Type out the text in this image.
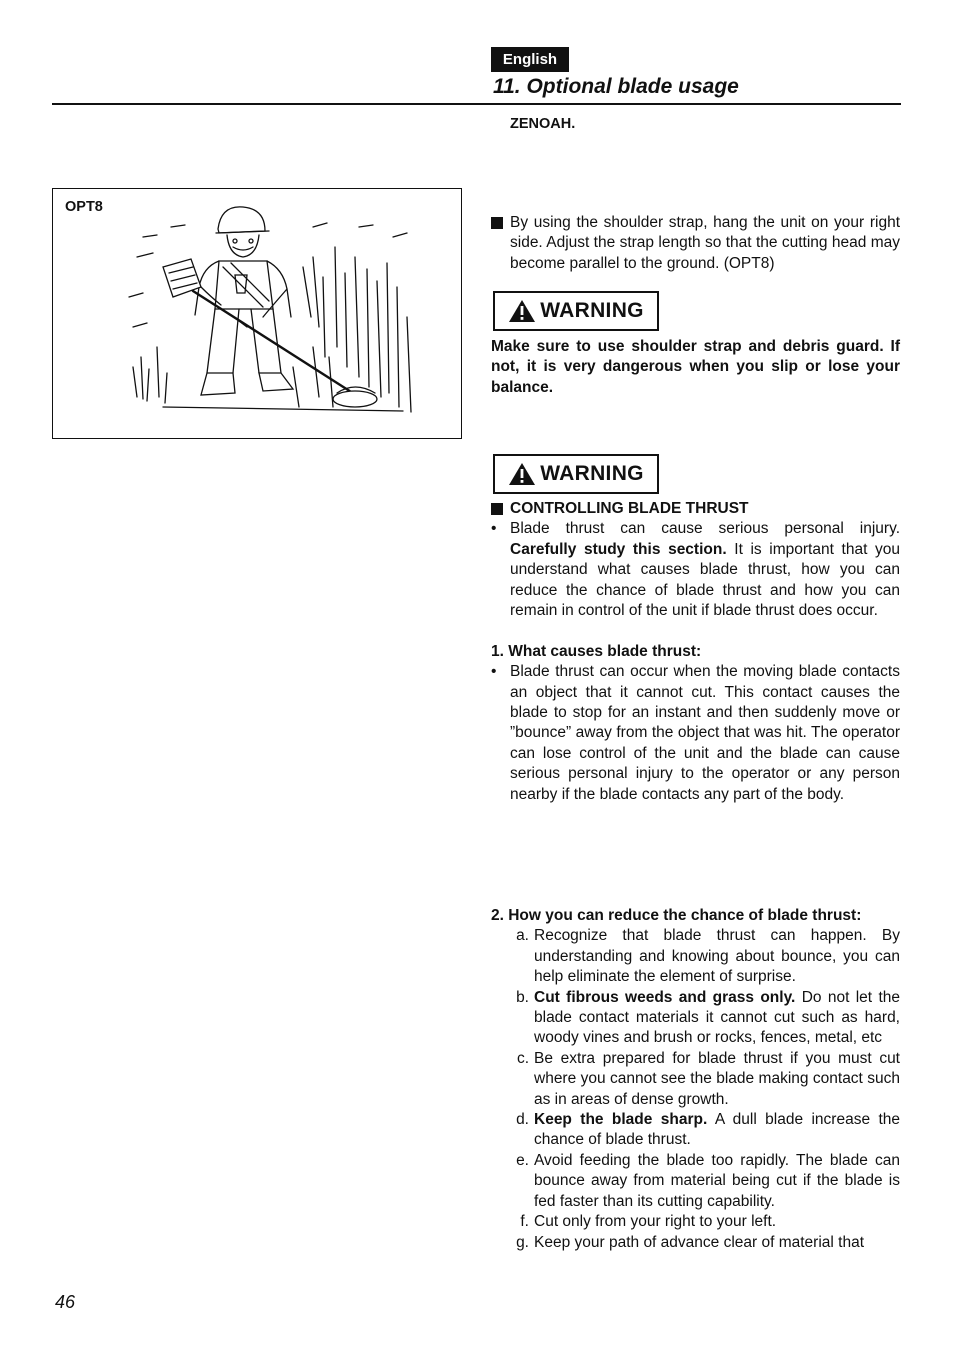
English
11. Optional blade usage
ZENOAH.
OPT8
By using the shoulder strap, hang the unit on your right side. Adjust the strap length so that the cutting head may become parallel to the ground. (OPT8)
WARNING

Make sure to use shoulder strap and debris guard. If not, it is very dangerous when you slip or lose your balance.

WARNING
CONTROLLING BLADE THRUST
• Blade thrust can cause serious personal injury. Carefully study this section. It is important that you understand what causes blade thrust, how you can reduce the chance of blade thrust and how you can remain in control of the unit if blade thrust does occur.
1. What causes blade thrust:
• Blade thrust can occur when the moving blade contacts an object that it cannot cut. This contact causes the blade to stop for an instant and then suddenly move or ”bounce” away from the object that was hit. The operator can lose control of the unit and the blade can cause serious personal injury to the operator or any person nearby if the blade contacts any part of the body.
2. How you can reduce the chance of blade thrust:
a. Recognize that blade thrust can happen. By understanding and knowing about bounce, you can help eliminate the element of surprise.
b. Cut fibrous weeds and grass only. Do not let the blade contact materials it cannot cut such as hard, woody vines and brush or rocks, fences, metal, etc
c. Be extra prepared for blade thrust if you must cut where you cannot see the blade making contact such as in areas of dense growth.
d. Keep the blade sharp. A dull blade increase the chance of blade thrust.
e. Avoid feeding the blade too rapidly. The blade can bounce away from material being cut if the blade is fed faster than its cutting capability.
f. Cut only from your right to your left.
g. Keep your path of advance clear of material that
46
